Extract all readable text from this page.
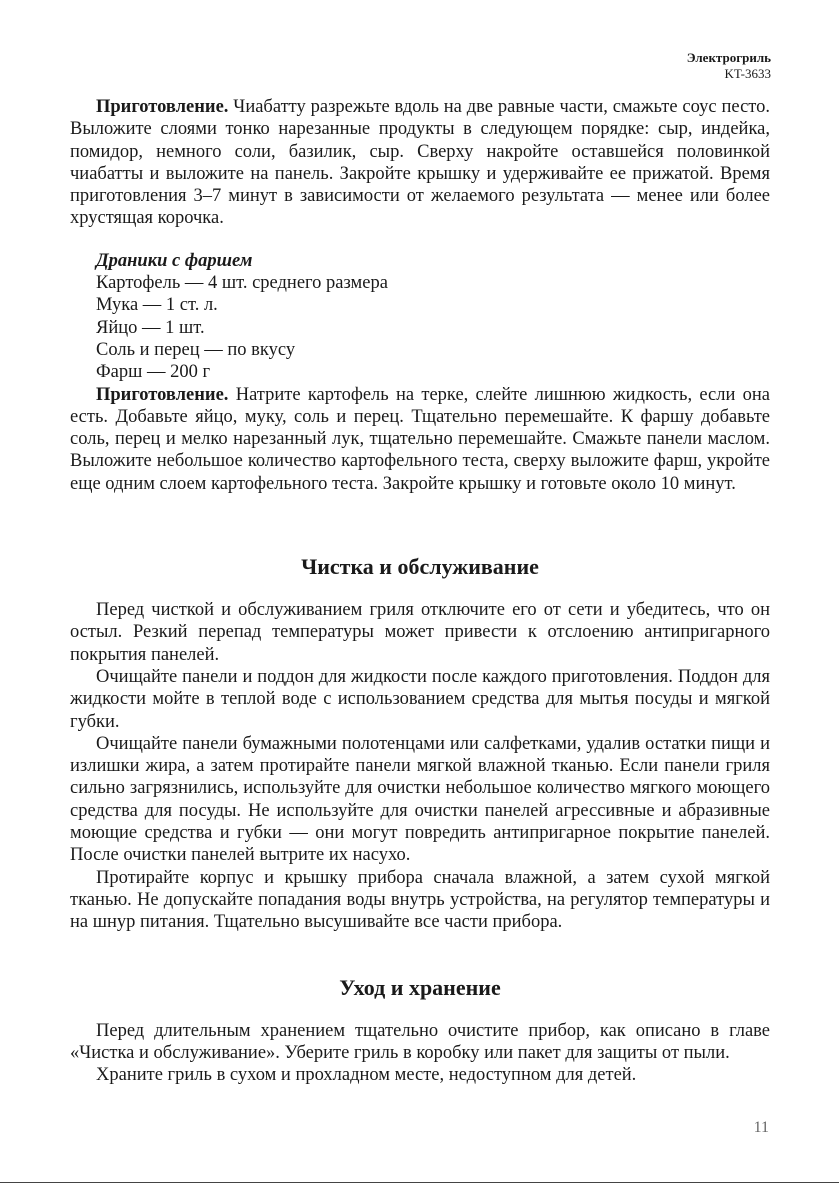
Электрогриль
KT-3633

Приготовление. Чиабатту разрежьте вдоль на две равные части, смажьте соус песто. Выложите слоями тонко нарезанные продукты в следующем порядке: сыр, индейка, помидор, немного соли, базилик, сыр. Сверху накройте оставшейся половинкой чиабатты и выложите на панель. Закройте крышку и удерживайте ее прижатой. Время приготовления 3–7 минут в зависимости от желаемого результата — менее или более хрустящая корочка.

Драники с фаршем
Картофель — 4 шт. среднего размера
Мука — 1 ст. л.
Яйцо — 1 шт.
Соль и перец — по вкусу
Фарш — 200 г

Приготовление. Натрите картофель на терке, слейте лишнюю жидкость, если она есть. Добавьте яйцо, муку, соль и перец. Тщательно перемешайте. К фаршу добавьте соль, перец и мелко нарезанный лук, тщательно перемешайте. Смажьте панели маслом. Выложите небольшое количество картофельного теста, сверху выложите фарш, укройте еще одним слоем картофельного теста. Закройте крышку и готовьте около 10 минут.

Чистка и обслуживание

Перед чисткой и обслуживанием гриля отключите его от сети и убедитесь, что он остыл. Резкий перепад температуры может привести к отслоению антипригарного покрытия панелей.

Очищайте панели и поддон для жидкости после каждого приготовления. Поддон для жидкости мойте в теплой воде с использованием средства для мытья посуды и мягкой губки.

Очищайте панели бумажными полотенцами или салфетками, удалив остатки пищи и излишки жира, а затем протирайте панели мягкой влажной тканью. Если панели гриля сильно загрязнились, используйте для очистки небольшое количество мягкого моющего средства для посуды. Не используйте для очистки панелей агрессивные и абразивные моющие средства и губки — они могут повредить антипригарное покрытие панелей. После очистки панелей вытрите их насухо.

Протирайте корпус и крышку прибора сначала влажной, а затем сухой мягкой тканью. Не допускайте попадания воды внутрь устройства, на регулятор температуры и на шнур питания. Тщательно высушивайте все части прибора.

Уход и хранение

Перед длительным хранением тщательно очистите прибор, как описано в главе «Чистка и обслуживание». Уберите гриль в коробку или пакет для защиты от пыли.

Храните гриль в сухом и прохладном месте, недоступном для детей.

11
